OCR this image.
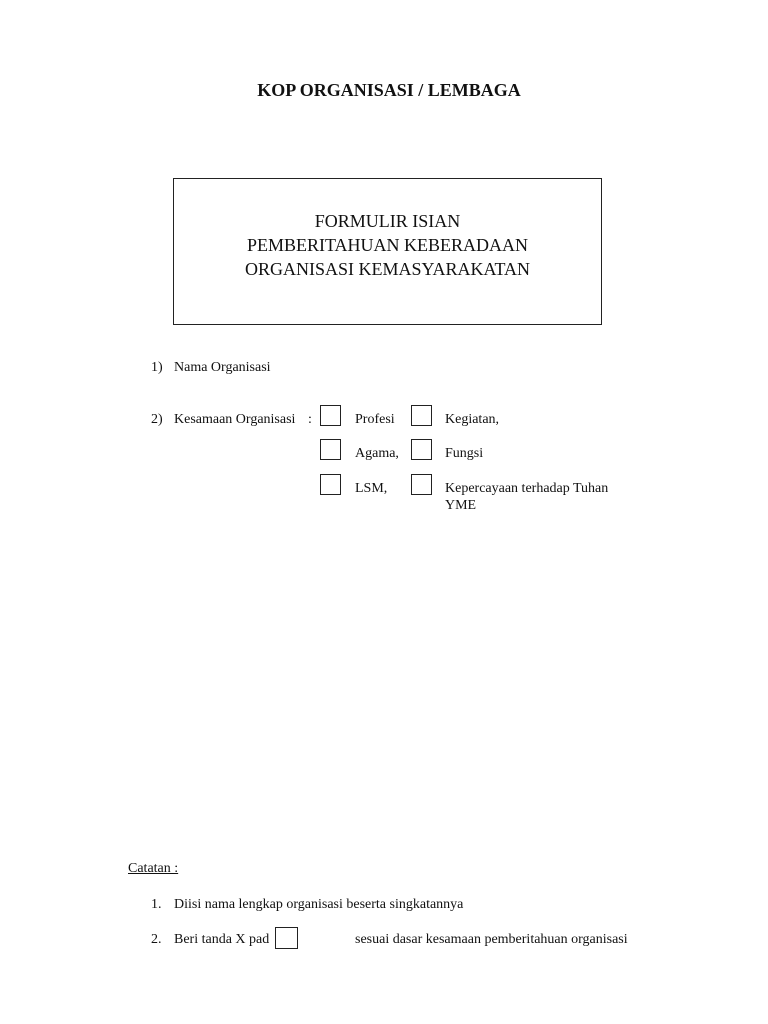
KOP ORGANISASI / LEMBAGA
FORMULIR ISIAN
PEMBERITAHUAN KEBERADAAN
ORGANISASI KEMASYARAKATAN
1) Nama Organisasi
2) Kesamaan Organisasi :	Profesi	Kegiatan,
Agama,	Fungsi
LSM,	Kepercayaan terhadap Tuhan
YME
Catatan :
1. Diisi nama lengkap organisasi beserta singkatannya
2. Beri tanda X pad	sesuai dasar kesamaan pemberitahuan organisasi
